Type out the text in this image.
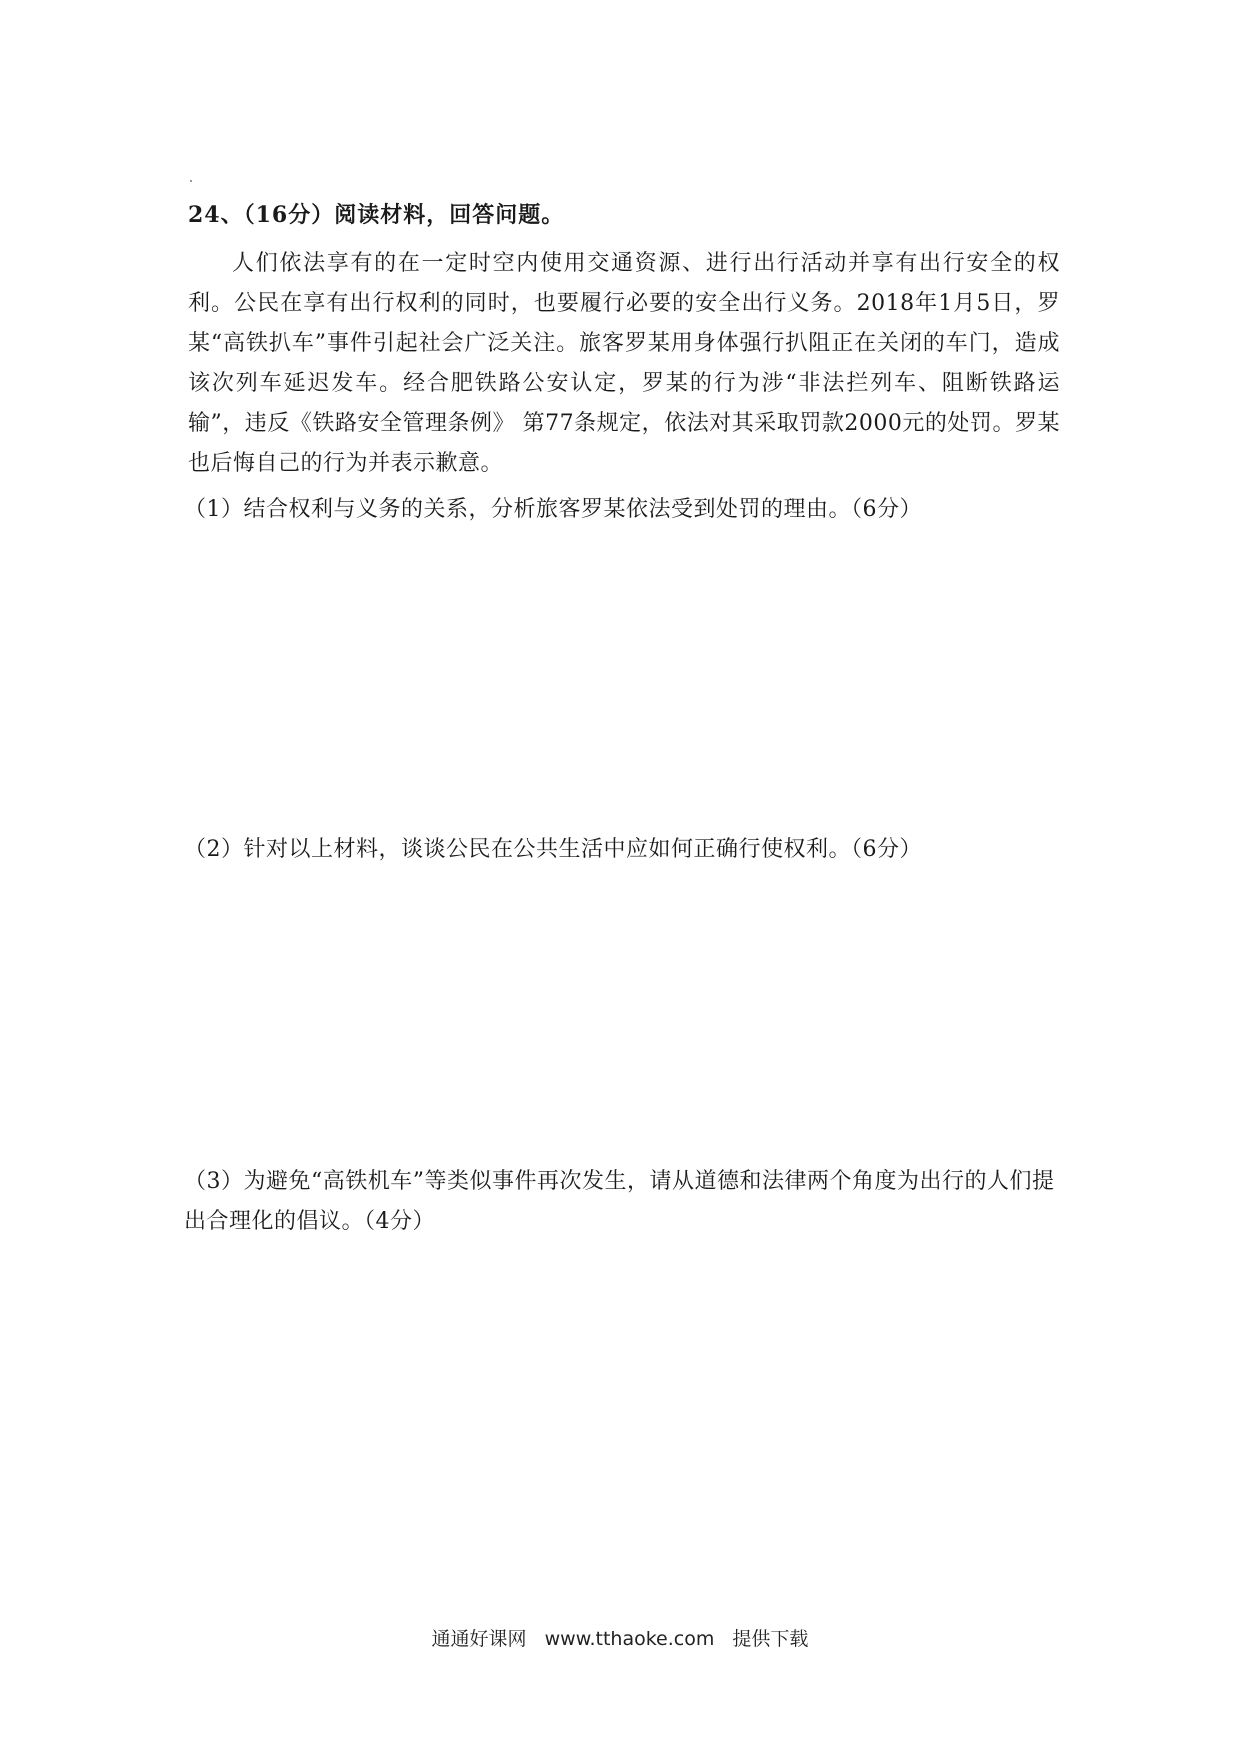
24、（16分）阅读材料，回答问题。
人们依法享有的在一定时空内使用交通资源、进行出行活动并享有出行安全的权利。公民在享有出行权利的同时，也要履行必要的安全出行义务。2018年1月5日，罗某“高铁扒车”事件引起社会广泛关注。旅客罗某用身体强行扒阻正在关闭的车门，造成该次列车延迟发车。经合肥铁路公安认定，罗某的行为涉“非法拦列车、阻断铁路运输”，违反《铁路安全管理条例》 第77条规定，依法对其采取罚款2000元的处罚。罗某也后悔自己的行为并表示歉意。
（1）结合权利与义务的关系，分析旅客罗某依法受到处罚的理由。（6分）
（2）针对以上材料，谈谈公民在公共生活中应如何正确行使权利。（6分）
（3）为避免“高铁机车”等类似事件再次发生，请从道德和法律两个角度为出行的人们提出合理化的倡议。（4分）
通通好课网 www.tthaoke.com 提供下载
